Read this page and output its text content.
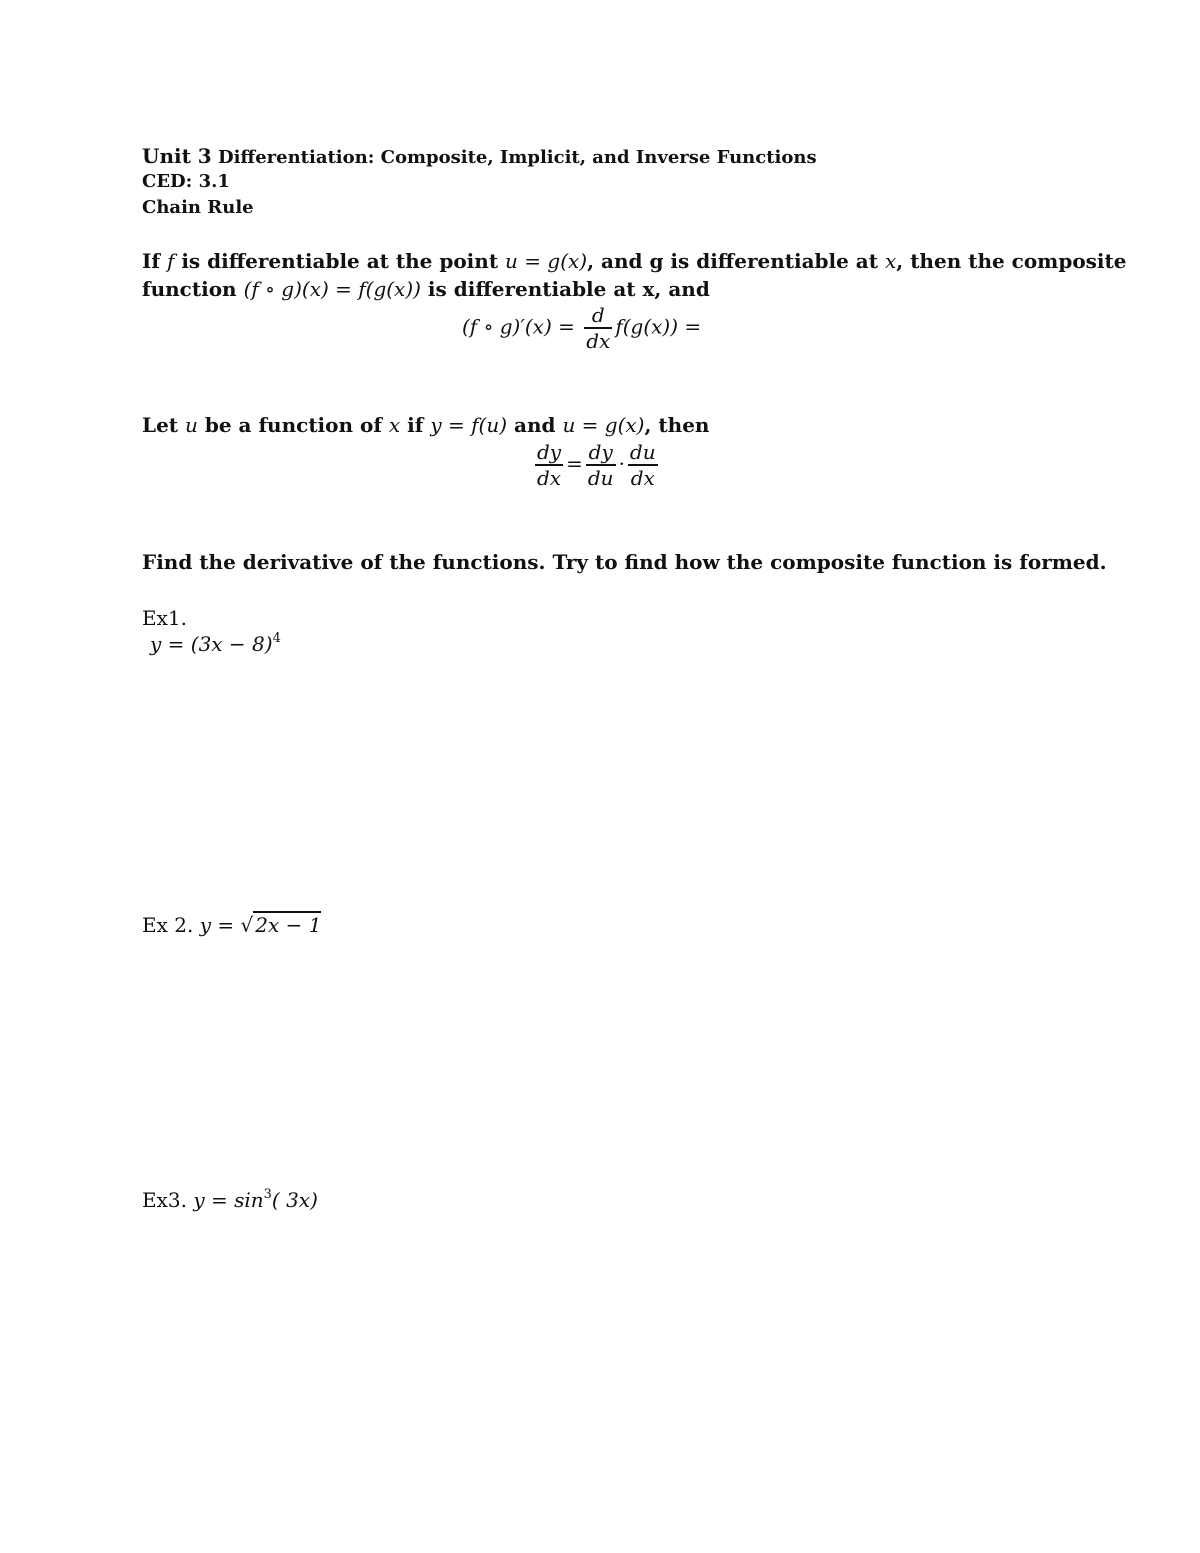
Unit 3 Differentiation: Composite, Implicit, and Inverse Functions
CED: 3.1
Chain Rule
If f is differentiable at the point u = g(x), and g is differentiable at x, then the composite
function (f ∘ g)(x) = f(g(x)) is differentiable at x, and
(f ∘ $g)'(x) = \frac{d}{dx} f(g(x))$ =
Let u be a function of x if y = f(u) and u = g(x), then
$\frac{dy}{dx} = \frac{dy}{du} \cdot \frac{du}{dx}$
Find the derivative of the functions. Try to find how the composite function is formed.
Ex1.
$y = (3x - 8)^4$
Ex 2. y = √ 2x − 1
Ex3. $y = \sin^3$( 3x)
